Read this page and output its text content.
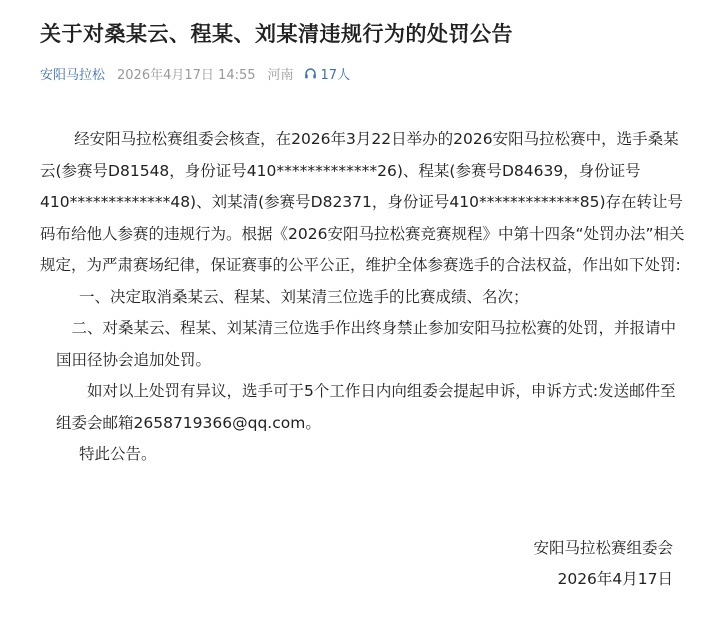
关于对桑某云、程某、刘某清违规行为的处罚公告
安阳马拉松 2026年4月17日 14:55 河南 17人

经安阳马拉松赛组委会核查，在2026年3月22日举办的2026安阳马拉松赛中，选手桑某云(参赛号D81548，身份证号410*************26)、程某(参赛号D84639，身份证号410*************48)、刘某清(参赛号D82371，身份证号410*************85)存在转让号码布给他人参赛的违规行为。根据《2026安阳马拉松赛竞赛规程》中第十四条“处罚办法”相关规定，为严肃赛场纪律，保证赛事的公平公正，维护全体参赛选手的合法权益，作出如下处罚:

一、决定取消桑某云、程某、刘某清三位选手的比赛成绩、名次；

二、对桑某云、程某、刘某清三位选手作出终身禁止参加安阳马拉松赛的处罚，并报请中国田径协会追加处罚。

如对以上处罚有异议，选手可于5个工作日内向组委会提起申诉，申诉方式:发送邮件至组委会邮箱2658719366@qq.com。

特此公告。

安阳马拉松赛组委会
2026年4月17日
